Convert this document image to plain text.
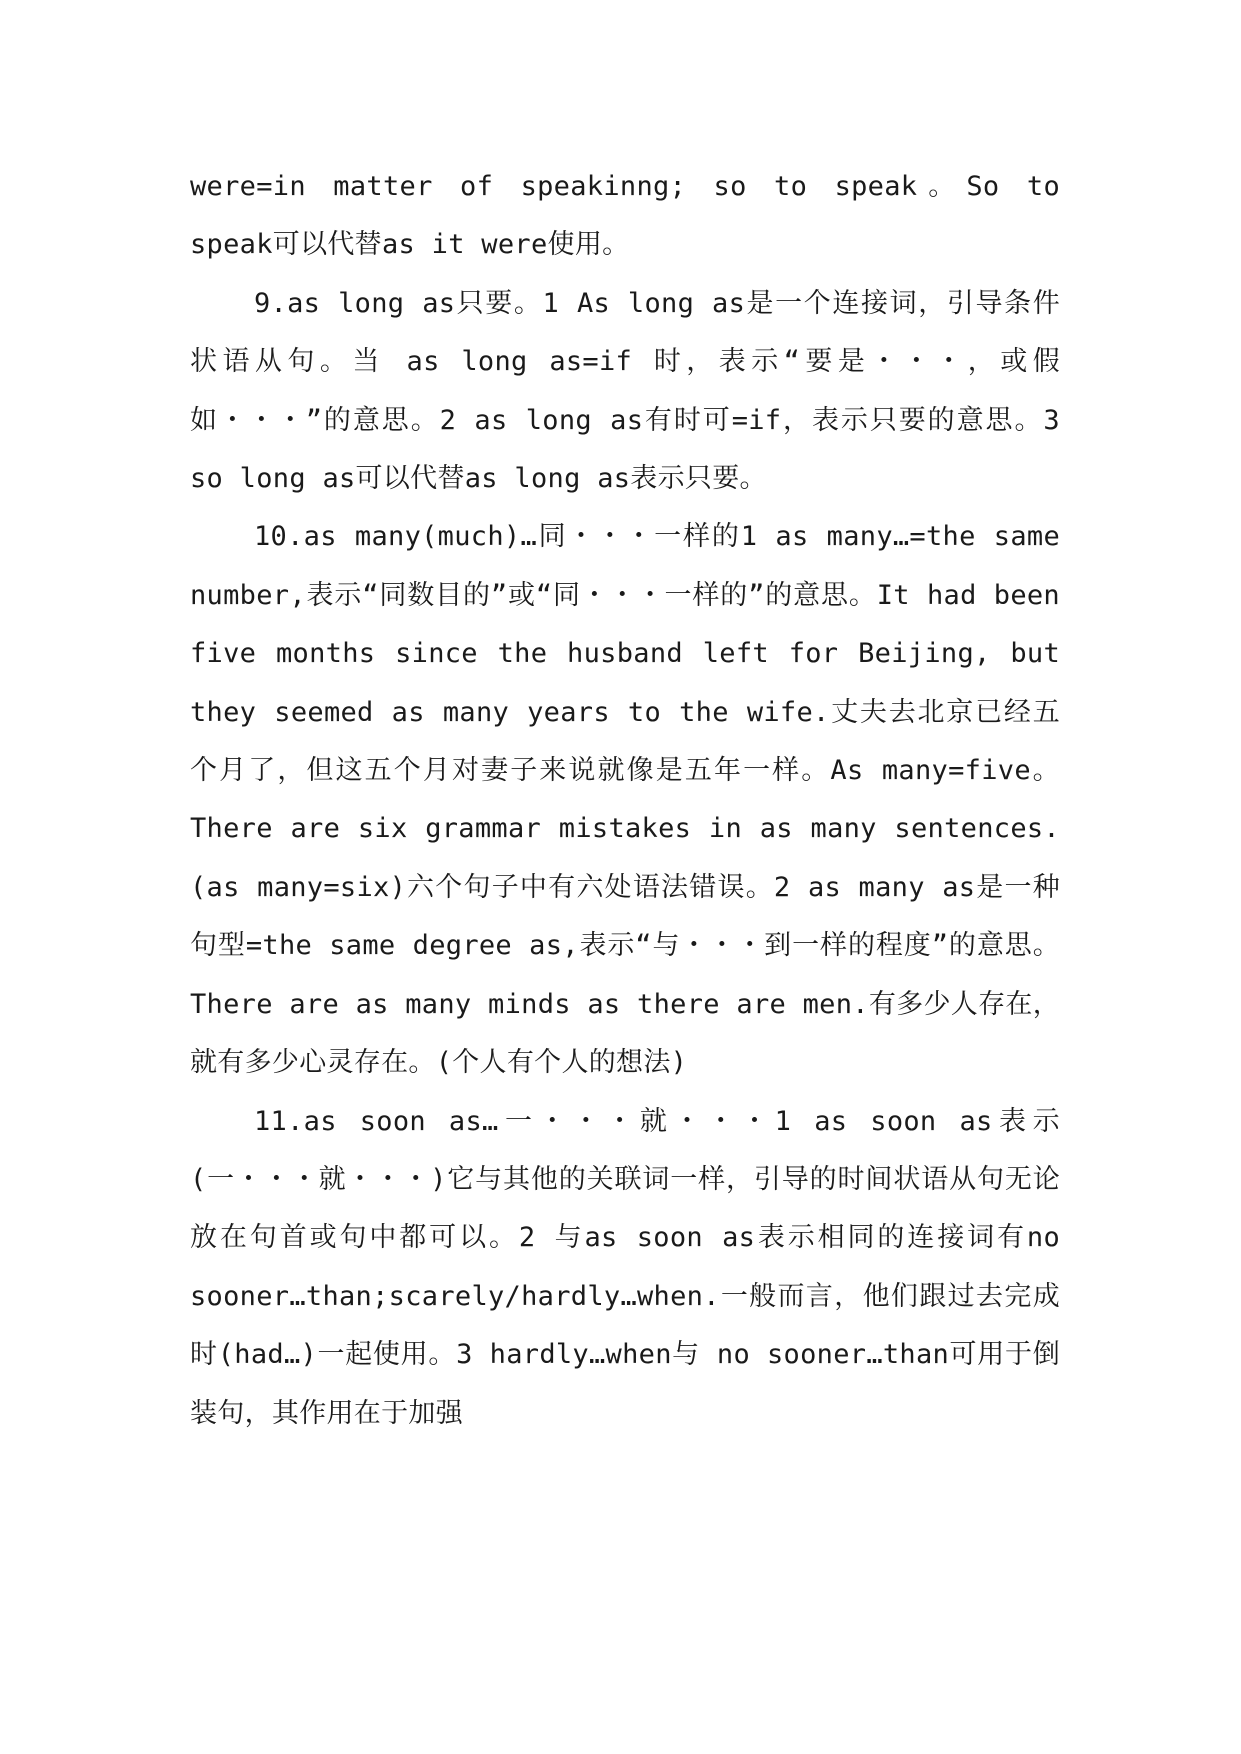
were=in matter of speakinng; so to speak。So to speak可以代替as it were使用。

9.as long as只要。1 As long as是一个连接词，引导条件状语从句。当 as long as=if 时，表示“要是・・・，或假如・・・”的意思。2 as long as有时可=if，表示只要的意思。3 so long as可以代替as long as表示只要。

10.as many(much)…同・・・一样的1 as many…=the same number,表示“同数目的”或“同・・・一样的”的意思。It had been five months since the husband left for Beijing, but they seemed as many years to the wife.丈夫去北京已经五个月了，但这五个月对妻子来说就像是五年一样。As many=five。There are six grammar mistakes in as many sentences.(as many=six)六个句子中有六处语法错误。2 as many as是一种句型=the same degree as,表示“与・・・到一样的程度”的意思。There are as many minds as there are men.有多少人存在，就有多少心灵存在。(个人有个人的想法)

11.as soon as…一・・・就・・・1 as soon as表示(一・・・就・・・)它与其他的关联词一样，引导的时间状语从句无论放在句首或句中都可以。2 与as soon as表示相同的连接词有no sooner…than;scarely/hardly…when.一般而言，他们跟过去完成时(had…)一起使用。3 hardly…when与 no sooner…than可用于倒装句，其作用在于加强
